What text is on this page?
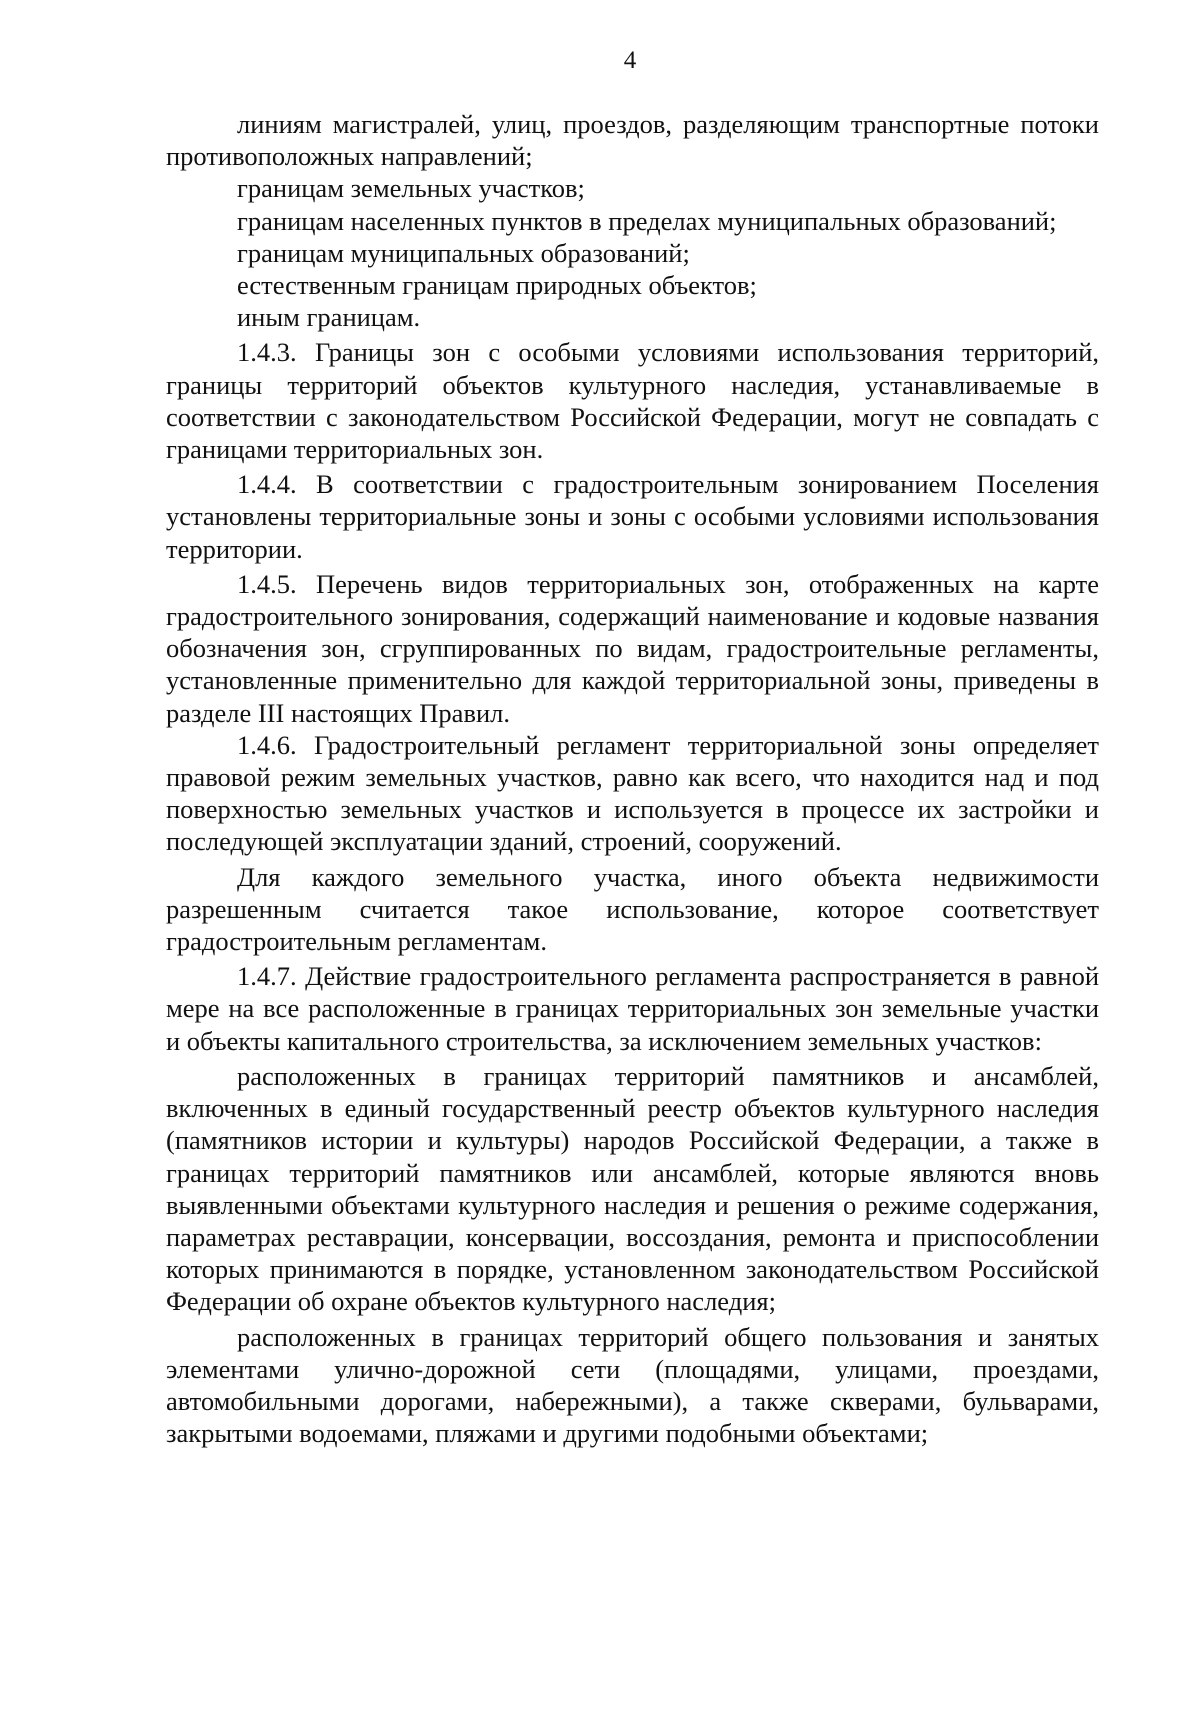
4

линиям магистралей, улиц, проездов, разделяющим транспортные потоки противоположных направлений;

границам земельных участков;

границам населенных пунктов в пределах муниципальных образований;

границам муниципальных образований;

естественным границам природных объектов;

иным границам.

1.4.3. Границы зон с особыми условиями использования территорий, границы территорий объектов культурного наследия, устанавливаемые в соответствии с законодательством Российской Федерации, могут не совпадать с границами территориальных зон.

1.4.4. В соответствии с градостроительным зонированием Поселения установлены территориальные зоны и зоны с особыми условиями использования территории.

1.4.5. Перечень видов территориальных зон, отображенных на карте градостроительного зонирования, содержащий наименование и кодовые названия обозначения зон, сгруппированных по видам, градостроительные регламенты, установленные применительно для каждой территориальной зоны, приведены в разделе III настоящих Правил.

1.4.6. Градостроительный регламент территориальной зоны определяет правовой режим земельных участков, равно как всего, что находится над и под поверхностью земельных участков и используется в процессе их застройки и последующей эксплуатации зданий, строений, сооружений.

Для каждого земельного участка, иного объекта недвижимости разрешенным считается такое использование, которое соответствует градостроительным регламентам.

1.4.7. Действие градостроительного регламента распространяется в равной мере на все расположенные в границах территориальных зон земельные участки и объекты капитального строительства, за исключением земельных участков:

расположенных в границах территорий памятников и ансамблей, включенных в единый государственный реестр объектов культурного наследия (памятников истории и культуры) народов Российской Федерации, а также в границах территорий памятников или ансамблей, которые являются вновь выявленными объектами культурного наследия и решения о режиме содержания, параметрах реставрации, консервации, воссоздания, ремонта и приспособлении которых принимаются в порядке, установленном законодательством Российской Федерации об охране объектов культурного наследия;

расположенных в границах территорий общего пользования и занятых элементами улично-дорожной сети (площадями, улицами, проездами, автомобильными дорогами, набережными), а также скверами, бульварами, закрытыми водоемами, пляжами и другими подобными объектами;
